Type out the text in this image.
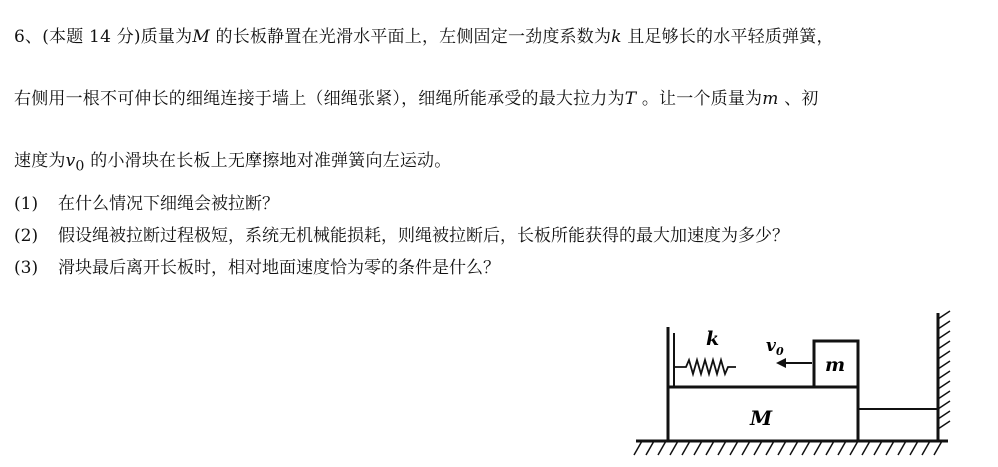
6、(本题 14 分)质量为M 的长板静置在光滑水平面上，左侧固定一劲度系数为k 且足够长的水平轻质弹簧，
右侧用一根不可伸长的细绳连接于墙上（细绳张紧），细绳所能承受的最大拉力为T 。让一个质量为m 、初
速度为$v_0$ 的小滑块在长板上无摩擦地对准弹簧向左运动。
(1) 在什么情况下细绳会被拉断？
(2) 假设绳被拉断过程极短，系统无机械能损耗，则绳被拉断后，长板所能获得的最大加速度为多少？
(3) 滑块最后离开长板时，相对地面速度恰为零的条件是什么？
k	v 0
m
M
